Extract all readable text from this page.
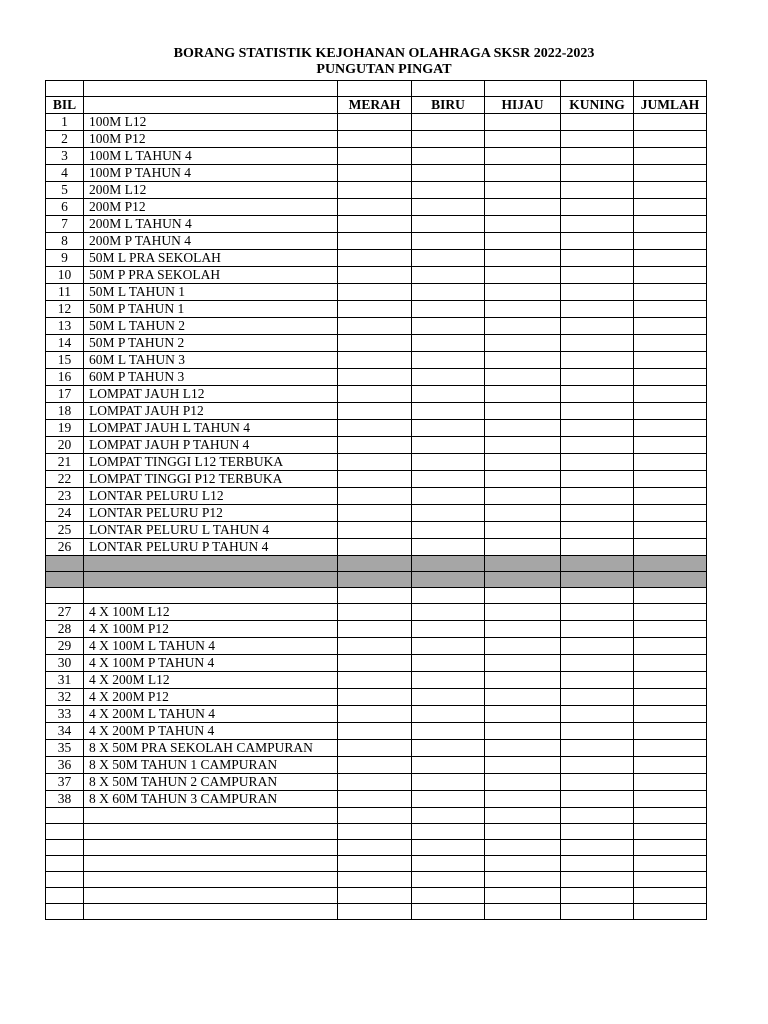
BORANG STATISTIK KEJOHANAN OLAHRAGA SKSR 2022-2023
PUNGUTAN PINGAT

BIL		MERAH	BIRU	HIJAU	KUNING	JUMLAH
1	100M L12					
2	100M P12					
3	100M L TAHUN 4					
4	100M P TAHUN 4					
5	200M L12					
6	200M P12					
7	200M L TAHUN 4					
8	200M P TAHUN 4					
9	50M L PRA SEKOLAH					
10	50M P PRA SEKOLAH					
11	50M L TAHUN 1					
12	50M P TAHUN 1					
13	50M L TAHUN 2					
14	50M P TAHUN 2					
15	60M L TAHUN 3					
16	60M P TAHUN 3					
17	LOMPAT JAUH L12					
18	LOMPAT JAUH P12					
19	LOMPAT JAUH L TAHUN 4					
20	LOMPAT JAUH P TAHUN 4					
21	LOMPAT TINGGI L12 TERBUKA					
22	LOMPAT TINGGI P12 TERBUKA					
23	LONTAR PELURU L12					
24	LONTAR PELURU P12					
25	LONTAR PELURU L TAHUN 4					
26	LONTAR PELURU P TAHUN 4					

27	4 X 100M L12					
28	4 X 100M P12					
29	4 X 100M L TAHUN 4					
30	4 X 100M P TAHUN 4					
31	4 X 200M L12					
32	4 X 200M P12					
33	4 X 200M L TAHUN 4					
34	4 X 200M P TAHUN 4					
35	8 X 50M PRA SEKOLAH CAMPURAN					
36	8 X 50M TAHUN 1 CAMPURAN					
37	8 X 50M TAHUN 2 CAMPURAN					
38	8 X 60M TAHUN 3 CAMPURAN					
